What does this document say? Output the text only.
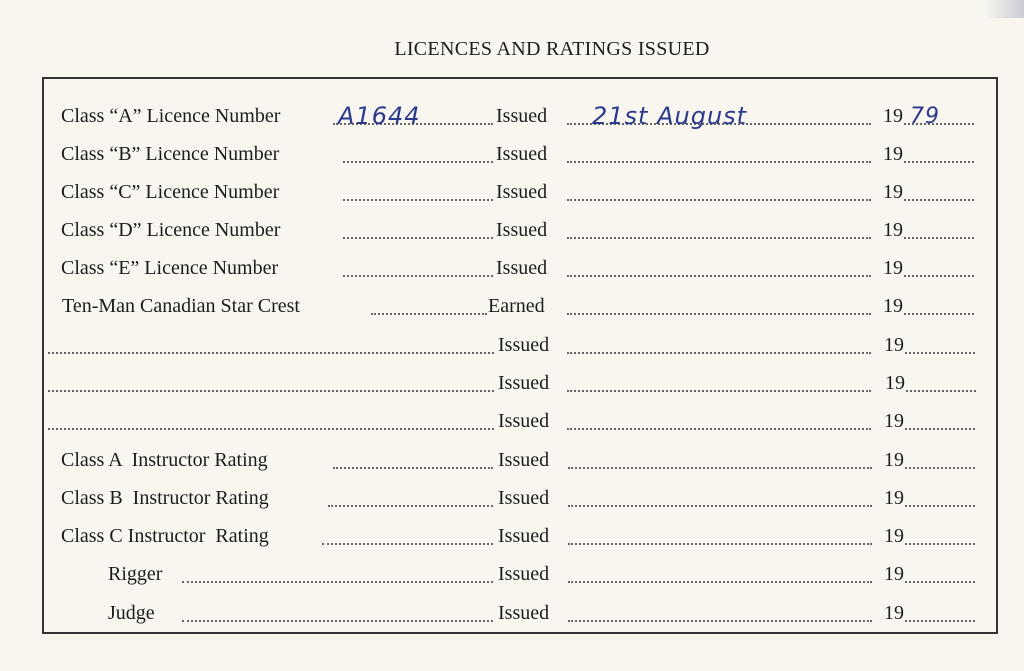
LICENCES AND RATINGS ISSUED
Class “A” Licence Number A1644	Issued 21st August	19 79
Class “B” Licence Number	Issued	19
Class “C” Licence Number	Issued	19
Class “D” Licence Number	Issued	19
Class “E” Licence Number	Issued	19
Ten-Man Canadian Star Crest	Earned	19
Issued	19
Issued	19
Issued	19
Class A  Instructor Rating	Issued	19
Class B  Instructor Rating	Issued	19
Class C Instructor  Rating	Issued	19
Rigger	Issued	19
Judge	Issued	19
